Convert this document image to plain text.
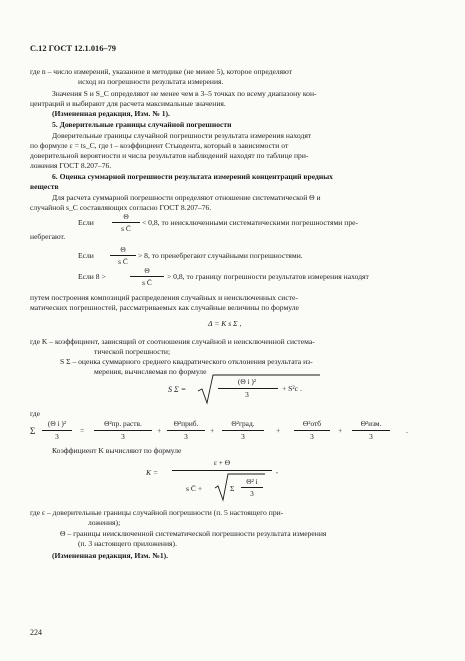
С.12 ГОСТ 12.1.016–79
где n – число измерений, указанное в методике (не менее 5), которое определяют
исход из погрешности результата измерения.
Значения S и S_C определяют не менее чем в 3–5 точках по всему диапазону кон-
центраций и выбирают для расчета максимальные значения.
(Измененная редакция, Изм. № 1).
5. Доверительные границы случайной погрешности
Доверительные границы случайной погрешности результата измерения находят
по формуле ε = ts_C, где t – коэффициент Стьюдента, который в зависимости от
доверительной вероятности и числа результатов наблюдений находят по таблице при-
ложения ГОСТ 8.207–76.
6. Оценка суммарной погрешности результата измерений концентраций вредных
веществ
Для расчета суммарной погрешности определяют отношение систематической Θ и
случайной s_C составляющих согласно ГОСТ 8.207–76.
Если
Θ
s C̄
< 0,8, то неисключенными систематическими погрешностями пре-
небрегают.
Если
Θ
s C̄
> 8, то пренебрегают случайными погрешностями.
Если 8 >
Θ
s C̄
> 0,8, то границу погрешности результатов измерения находят
путем построения композиций распределения случайных и неисключенных систе-
матических погрешностей, рассматриваемых как случайные величины по формуле
Δ = K s Σ ,
где K – коэффициент, зависящий от соотношения случайной и неисключенной система-
тической погрешности;
S Σ – оценка суммарного среднего квадратического отклонения результата из-
мерения, вычисляемая по формуле
S Σ =
(Θ i )²
3
+ S²c .
где
Σ
(Θ i )²
3
=
Θ²пр. раств.
3
+
Θ²приб.
3
+
Θ²град.
3
+
Θ²отб
3
+
Θ²изм.
3
.
Коэффициент K вычисляют по формуле
K =
ε + Θ
,
s C̄ +	Σ
Θ² i
3
где ε – доверительные границы случайной погрешности (п. 5 настоящего при-
ложения);
Θ – границы неисключенной систематической погрешности результата измерения
(п. 3 настоящего приложения).
(Измененная редакция, Изм. №1).
224
